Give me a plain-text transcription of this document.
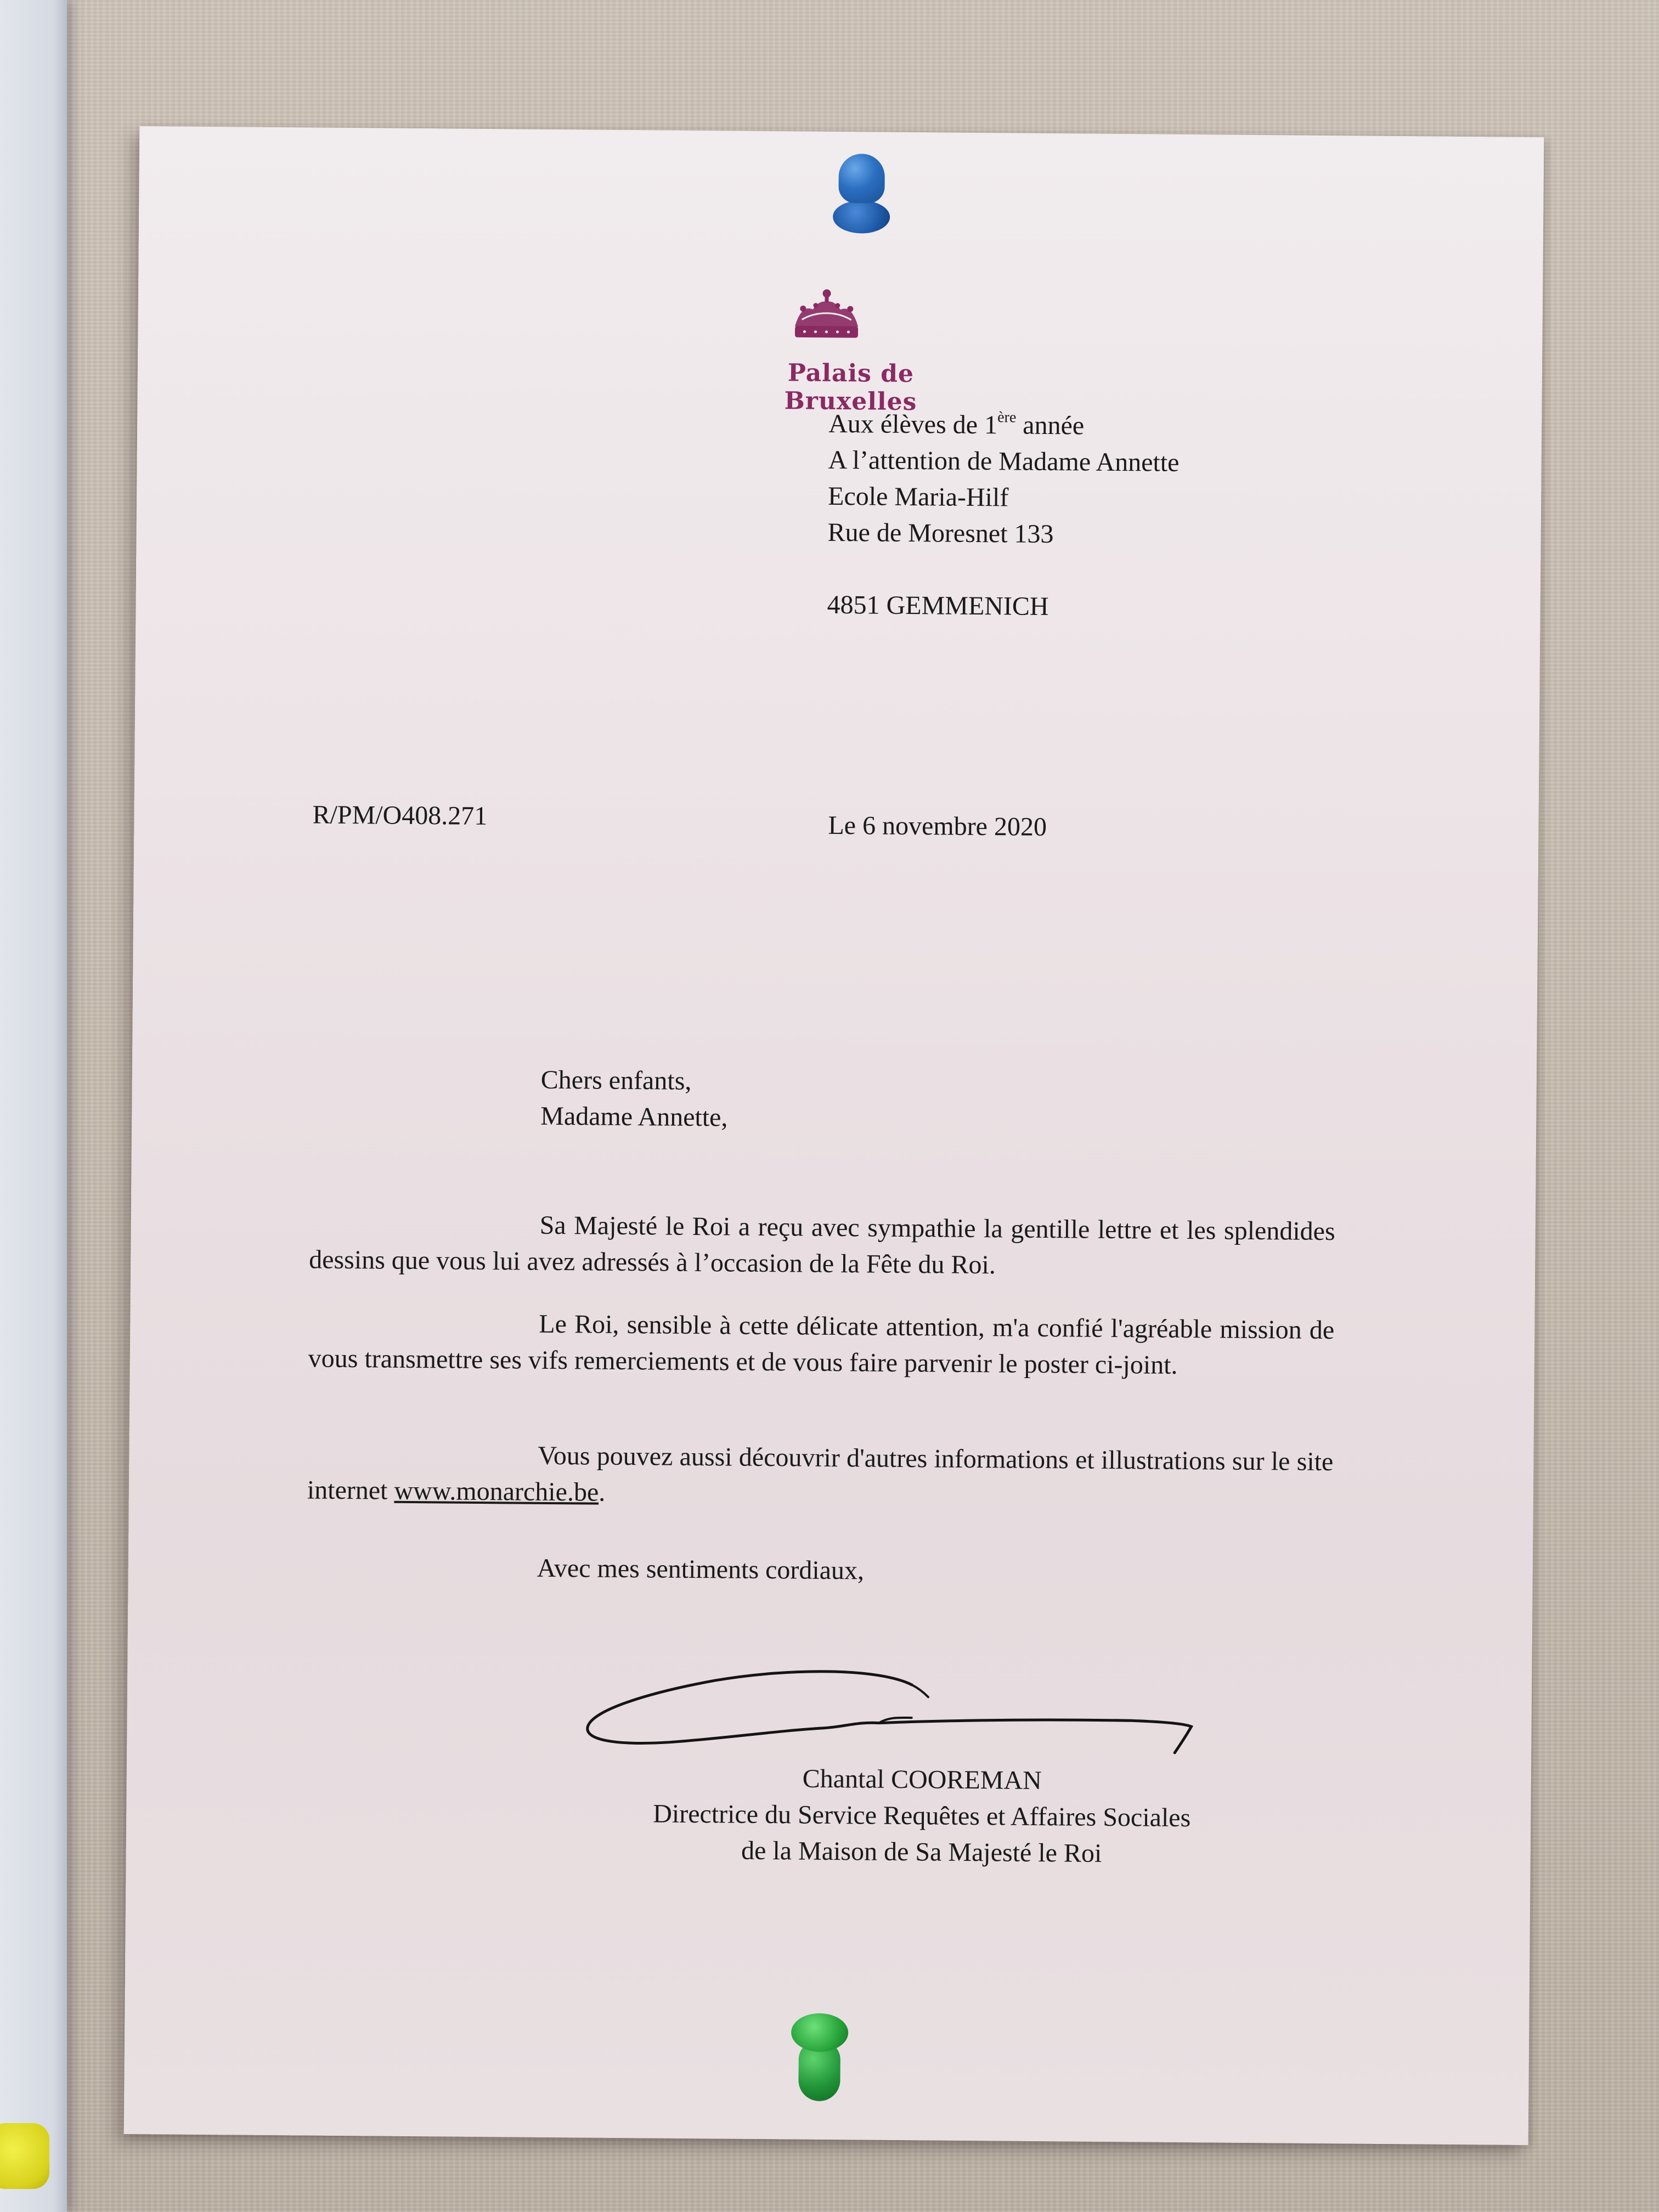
Palais de Bruxelles
Aux élèves de 1ère année
A l’attention de Madame Annette
Ecole Maria-Hilf
Rue de Moresnet 133
4851 GEMMENICH
R/PM/O408.271	Le 6 novembre 2020
Chers enfants,
Madame Annette,
Sa Majesté le Roi a reçu avec sympathie la gentille lettre et les splendides dessins que vous lui avez adressés à l’occasion de la Fête du Roi.
Le Roi, sensible à cette délicate attention, m'a confié l'agréable mission de vous transmettre ses vifs remerciements et de vous faire parvenir le poster ci-joint.
Vous pouvez aussi découvrir d'autres informations et illustrations sur le site internet www.monarchie.be.
Avec mes sentiments cordiaux,
Chantal COOREMAN
Directrice du Service Requêtes et Affaires Sociales
de la Maison de Sa Majesté le Roi
